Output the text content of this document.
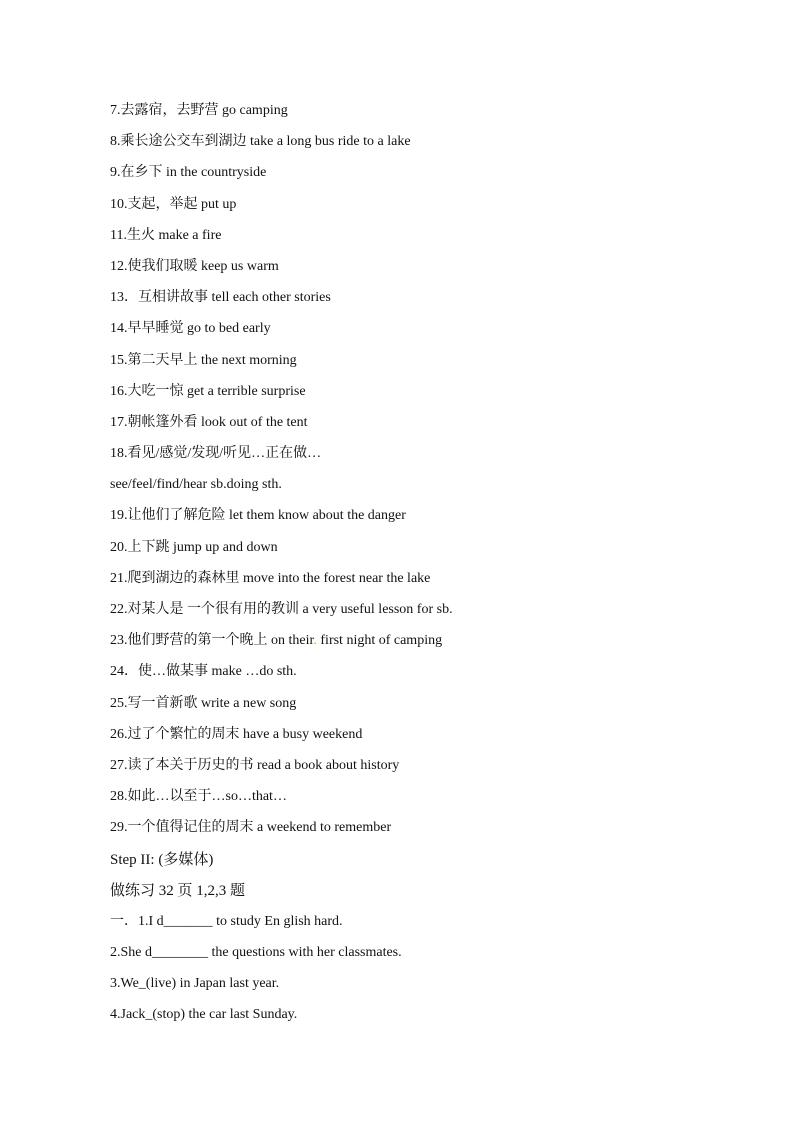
7.去露宿，去野营 go camping
8.乘长途公交车到湖边 take a long bus ride to a lake
9.在乡下 in the countryside
10.支起，举起 put up
11.生火 make a fire
12.使我们取暖 keep us warm
13．互相讲故事 tell each other stories
14.早早睡觉 go to bed early
15.第二天早上 the next morning
16.大吃一惊 get a terrible surprise
17.朝帐篷外看 look out of the tent
18.看见/感觉/发现/听见…正在做…
see/feel/find/hear sb.doing sth.
19.让他们了解危险 let them know about the danger
20.上下跳 jump up and down
21.爬到湖边的森林里 move into the forest near the lake
22.对某人是 一个很有用的教训 a very useful lesson for sb.
23.他们野营的第一个晚上 on their. first night of camping
24．使…做某事 make …do sth.
25.写一首新歌 write a new song
26.过了个繁忙的周末 have a busy weekend
27.读了本关于历史的书 read a book about history
28.如此…以至于…so…that…
29.一个值得记住的周末 a weekend to remember
Step II: (多媒体)
做练习 32 页 1,2,3 题
一．1.I d_______ to study En glish hard.
2.She d________ the questions with her classmates.
3.We_(live) in Japan last year.
4.Jack_(stop) the car last Sunday.
